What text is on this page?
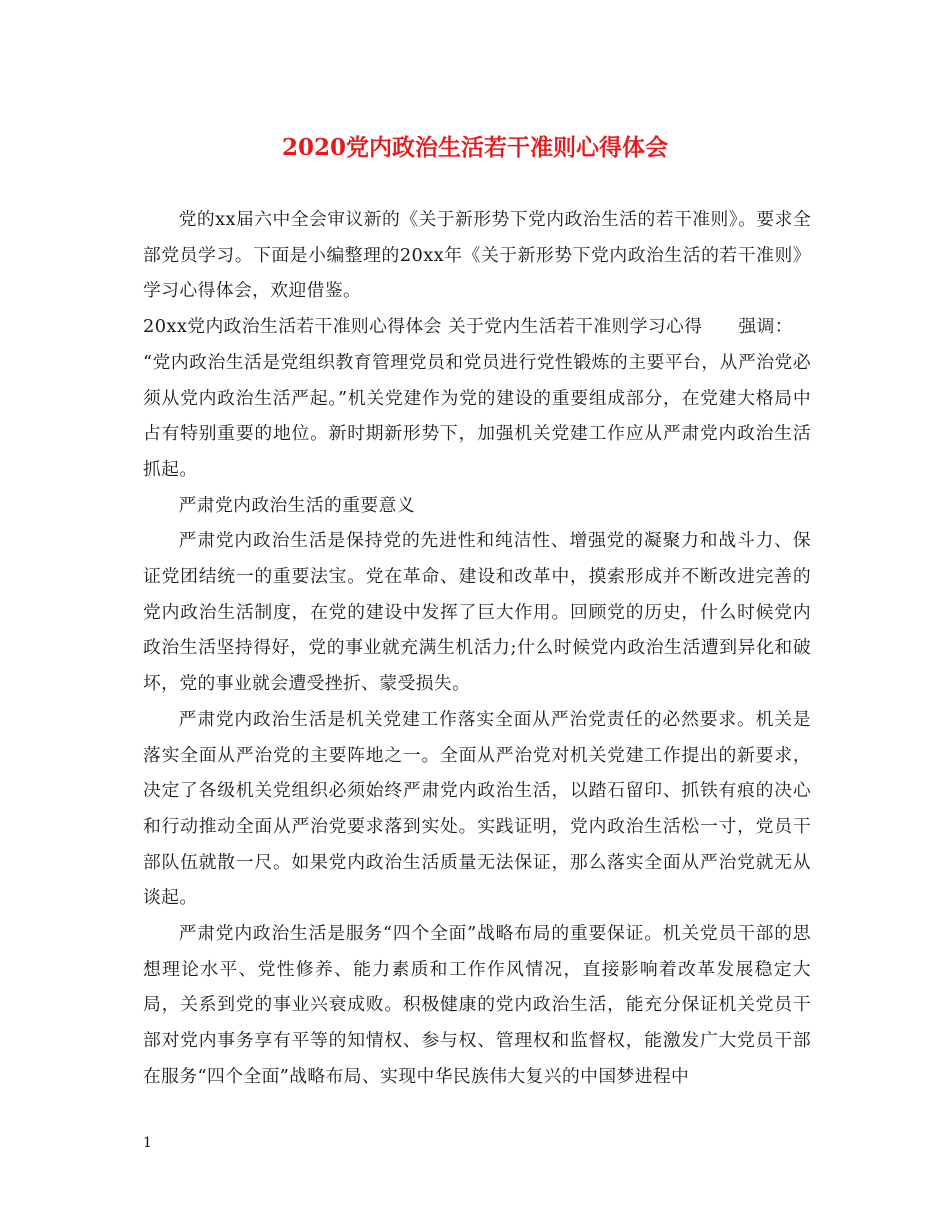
2020党内政治生活若干准则心得体会

党的xx届六中全会审议新的《关于新形势下党内政治生活的若干准则》。要求全部党员学习。下面是小编整理的20xx年《关于新形势下党内政治生活的若干准则》学习心得体会，欢迎借鉴。

20xx党内政治生活若干准则心得体会 关于党内生活若干准则学习心得 强调：

“党内政治生活是党组织教育管理党员和党员进行党性锻炼的主要平台，从严治党必须从党内政治生活严起。”机关党建作为党的建设的重要组成部分，在党建大格局中占有特别重要的地位。新时期新形势下，加强机关党建工作应从严肃党内政治生活抓起。

严肃党内政治生活的重要意义

严肃党内政治生活是保持党的先进性和纯洁性、增强党的凝聚力和战斗力、保证党团结统一的重要法宝。党在革命、建设和改革中，摸索形成并不断改进完善的党内政治生活制度，在党的建设中发挥了巨大作用。回顾党的历史，什么时候党内政治生活坚持得好，党的事业就充满生机活力;什么时候党内政治生活遭到异化和破坏，党的事业就会遭受挫折、蒙受损失。

严肃党内政治生活是机关党建工作落实全面从严治党责任的必然要求。机关是落实全面从严治党的主要阵地之一。全面从严治党对机关党建工作提出的新要求，决定了各级机关党组织必须始终严肃党内政治生活，以踏石留印、抓铁有痕的决心和行动推动全面从严治党要求落到实处。实践证明，党内政治生活松一寸，党员干部队伍就散一尺。如果党内政治生活质量无法保证，那么落实全面从严治党就无从谈起。

严肃党内政治生活是服务“四个全面”战略布局的重要保证。机关党员干部的思想理论水平、党性修养、能力素质和工作作风情况，直接影响着改革发展稳定大局，关系到党的事业兴衰成败。积极健康的党内政治生活，能充分保证机关党员干部对党内事务享有平等的知情权、参与权、管理权和监督权，能激发广大党员干部在服务“四个全面”战略布局、实现中华民族伟大复兴的中国梦进程中

1
